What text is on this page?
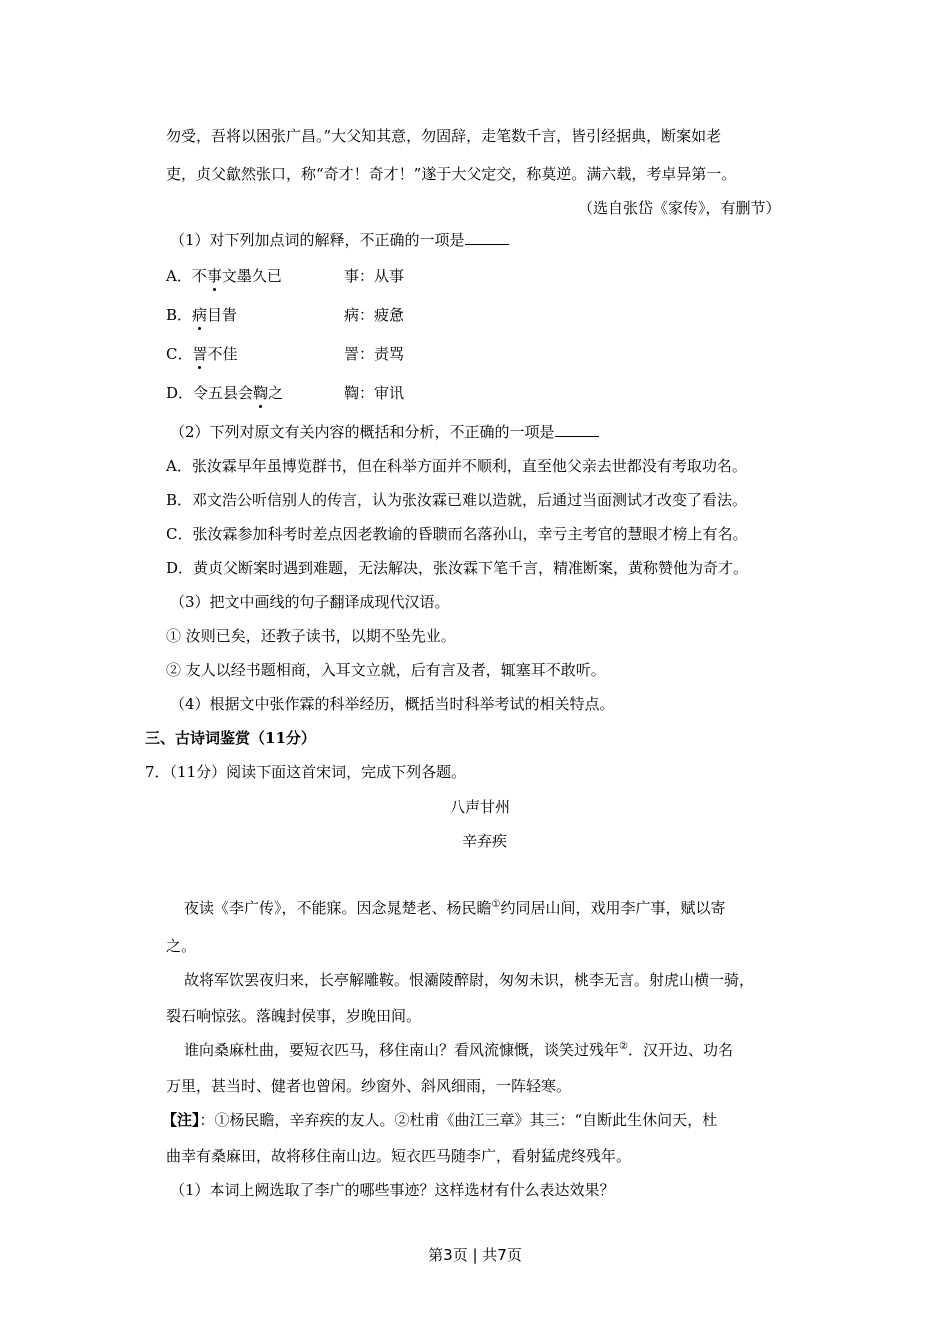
勿受，吾将以困张广昌。”大父知其意，勿固辞，走笔数千言，皆引经据典，断案如老
吏，贞父歙然张口，称“奇才！奇才！”遂于大父定交，称莫逆。满六载，考卓异第一。
（选自张岱《家传》，有删节）
（1）对下列加点词的解释，不正确的一项是
A．不事文墨久已	事：从事
B．病目眚	病：疲惫
C．詈不佳	詈：责骂
D．令五县会鞫之	鞫：审讯
（2）下列对原文有关内容的概括和分析，不正确的一项是
A．张汝霖早年虽博览群书，但在科举方面并不顺利，直至他父亲去世都没有考取功名。
B．邓文浩公听信别人的传言，认为张汝霖已难以造就，后通过当面测试才改变了看法。
C．张汝霖参加科考时差点因老教谕的昏聩而名落孙山，幸亏主考官的慧眼才榜上有名。
D．黄贞父断案时遇到难题，无法解决，张汝霖下笔千言，精准断案，黄称赞他为奇才。
（3）把文中画线的句子翻译成现代汉语。
① 汝则已矣，还教子读书，以期不坠先业。
② 友人以经书题相商，入耳文立就，后有言及者，辄塞耳不敢听。
（4）根据文中张作霖的科举经历，概括当时科举考试的相关特点。
三、古诗词鉴赏（11分）
7．（11分）阅读下面这首宋词，完成下列各题。
八声甘州
辛弃疾
夜读《李广传》，不能寐。因念晁楚老、杨民瞻①约同居山间，戏用李广事，赋以寄
之。
故将军饮罢夜归来，长亭解雕鞍。恨灞陵醉尉，匆匆未识，桃李无言。射虎山横一骑，
裂石响惊弦。落魄封侯事，岁晚田间。
谁向桑麻杜曲，要短衣匹马，移住南山？看风流慷慨，谈笑过残年②．汉开边、功名
万里，甚当时、健者也曾闲。纱窗外、斜风细雨，一阵轻寒。
【注】：①杨民瞻，辛弃疾的友人。②杜甫《曲江三章》其三：“自断此生休问天，杜
曲幸有桑麻田，故将移住南山边。短衣匹马随李广，看射猛虎终残年。
（1）本词上阙选取了李广的哪些事迹？这样选材有什么表达效果？
第3页 | 共7页
